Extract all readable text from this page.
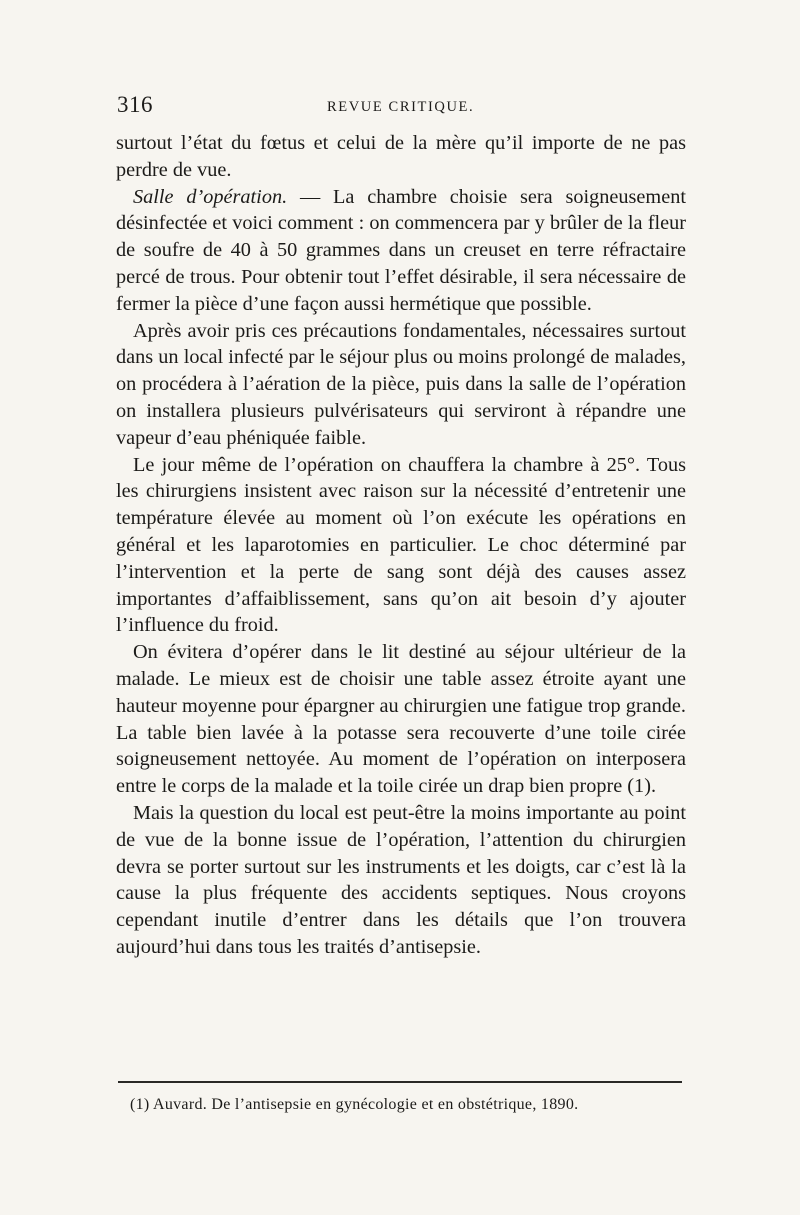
316	REVUE CRITIQUE.

surtout l’état du fœtus et celui de la mère qu’il importe de ne pas perdre de vue.

Salle d’opération. — La chambre choisie sera soigneusement désinfectée et voici comment : on commencera par y brûler de la fleur de soufre de 40 à 50 grammes dans un creuset en terre réfractaire percé de trous. Pour obtenir tout l’effet désirable, il sera nécessaire de fermer la pièce d’une façon aussi hermétique que possible.

Après avoir pris ces précautions fondamentales, nécessaires surtout dans un local infecté par le séjour plus ou moins prolongé de malades, on procédera à l’aération de la pièce, puis dans la salle de l’opération on installera plusieurs pulvérisateurs qui serviront à répandre une vapeur d’eau phéniquée faible.

Le jour même de l’opération on chauffera la chambre à 25°. Tous les chirurgiens insistent avec raison sur la nécessité d’entretenir une température élevée au moment où l’on exécute les opérations en général et les laparotomies en particulier. Le choc déterminé par l’intervention et la perte de sang sont déjà des causes assez importantes d’affaiblissement, sans qu’on ait besoin d’y ajouter l’influence du froid.

On évitera d’opérer dans le lit destiné au séjour ultérieur de la malade. Le mieux est de choisir une table assez étroite ayant une hauteur moyenne pour épargner au chirurgien une fatigue trop grande. La table bien lavée à la potasse sera recouverte d’une toile cirée soigneusement nettoyée. Au moment de l’opération on interposera entre le corps de la malade et la toile cirée un drap bien propre (1).

Mais la question du local est peut-être la moins importante au point de vue de la bonne issue de l’opération, l’attention du chirurgien devra se porter surtout sur les instruments et les doigts, car c’est là la cause la plus fréquente des accidents septiques. Nous croyons cependant inutile d’entrer dans les détails que l’on trouvera aujourd’hui dans tous les traités d’antisepsie.

(1) Auvard. De l’antisepsie en gynécologie et en obstétrique, 1890.
